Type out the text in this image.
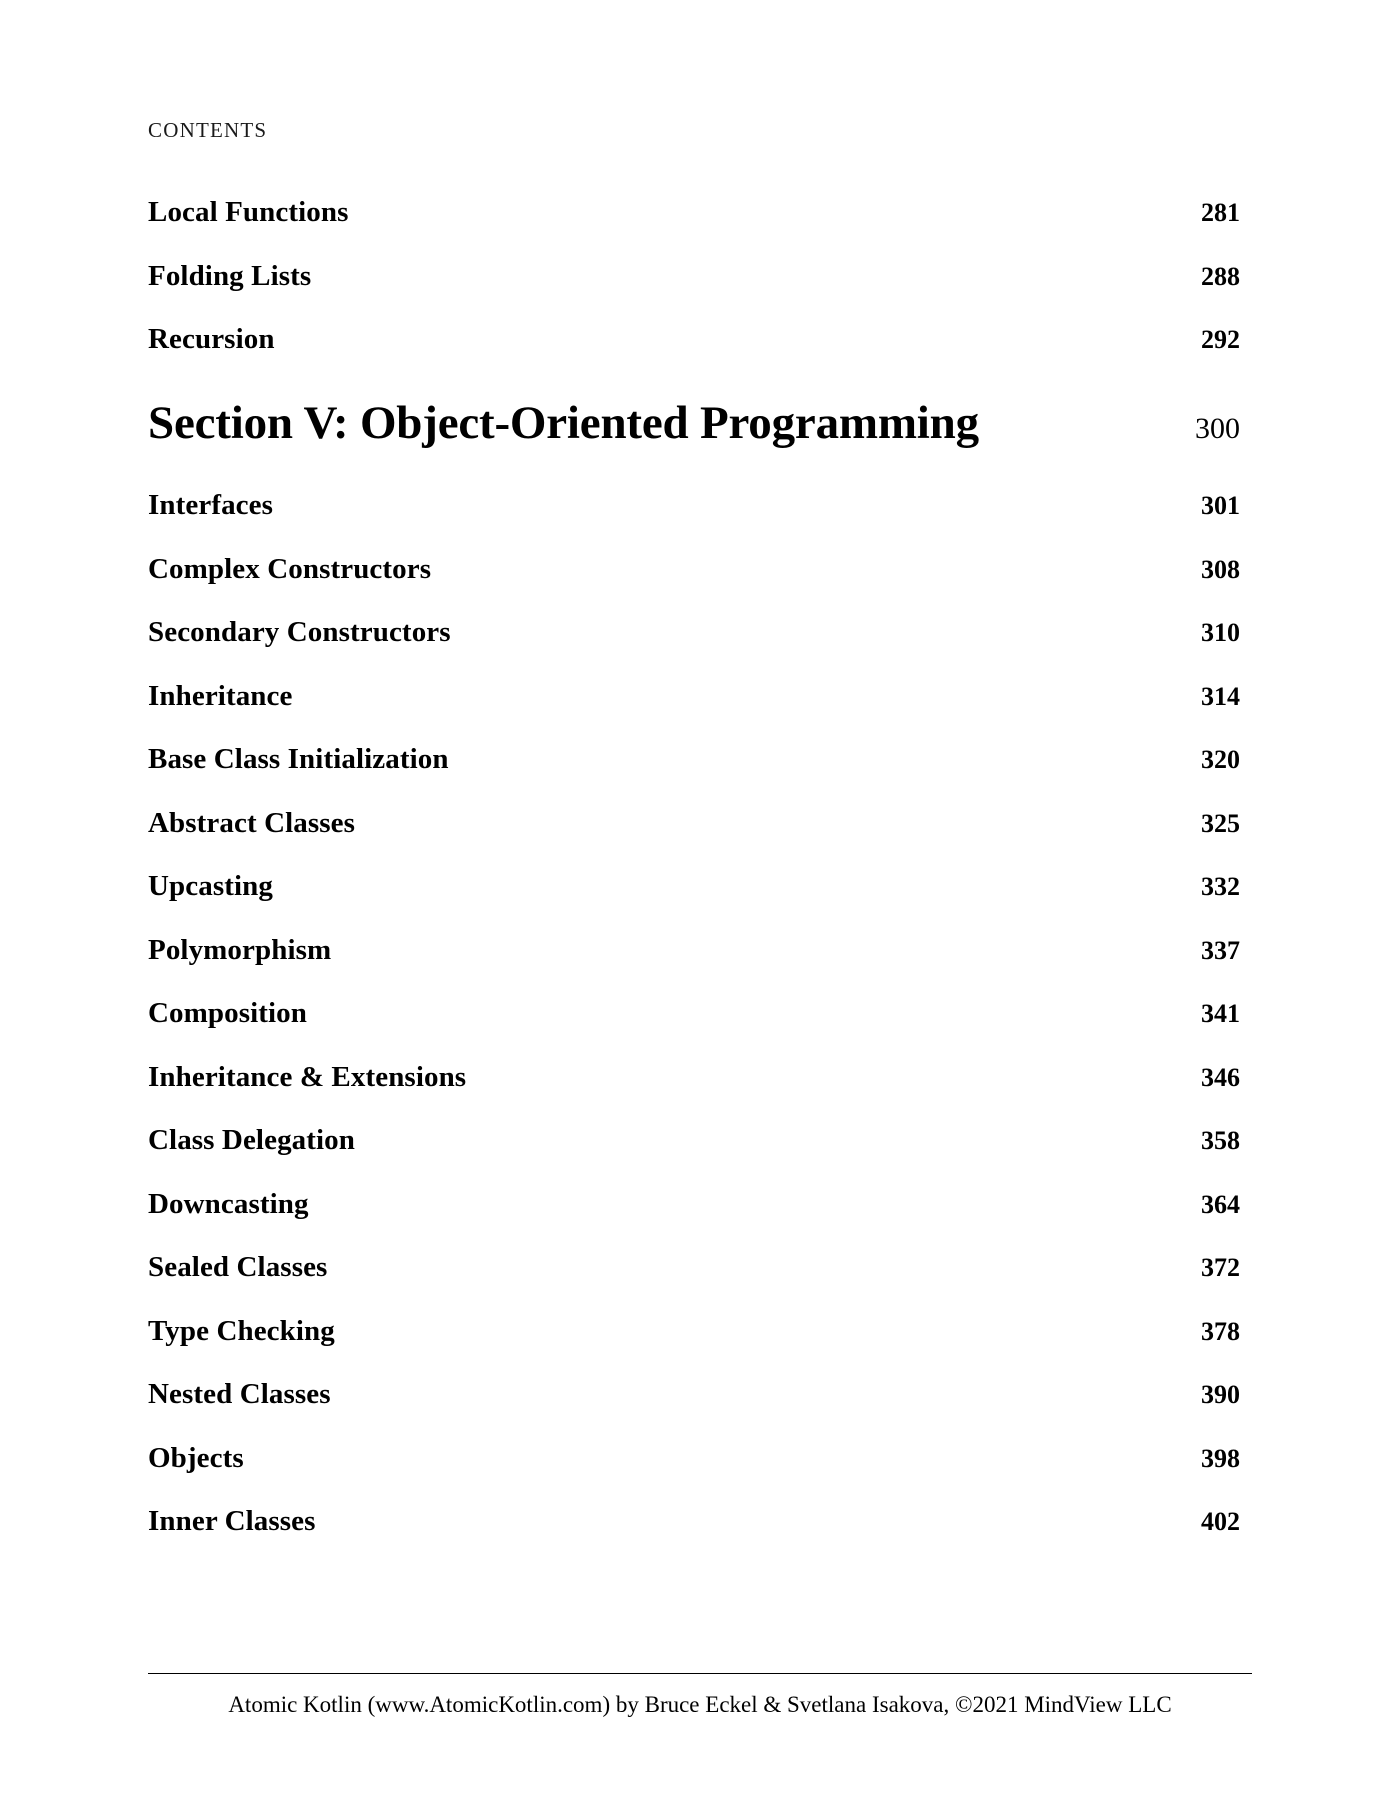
CONTENTS
Local Functions . . .	281
Folding Lists . . .	288
Recursion . . .	292
Section V: Object-Oriented Programming .	300
Interfaces . . .	301
Complex Constructors . . .	308
Secondary Constructors . . .	310
Inheritance . . .	314
Base Class Initialization . . .	320
Abstract Classes . . .	325
Upcasting . . .	332
Polymorphism . . .	337
Composition . . .	341
Inheritance & Extensions . . .	346
Class Delegation . . .	358
Downcasting . . .	364
Sealed Classes . . .	372
Type Checking . . .	378
Nested Classes . . .	390
Objects . . .	398
Inner Classes . . .	402
Atomic Kotlin (www.AtomicKotlin.com) by Bruce Eckel & Svetlana Isakova, ©2021 MindView LLC
